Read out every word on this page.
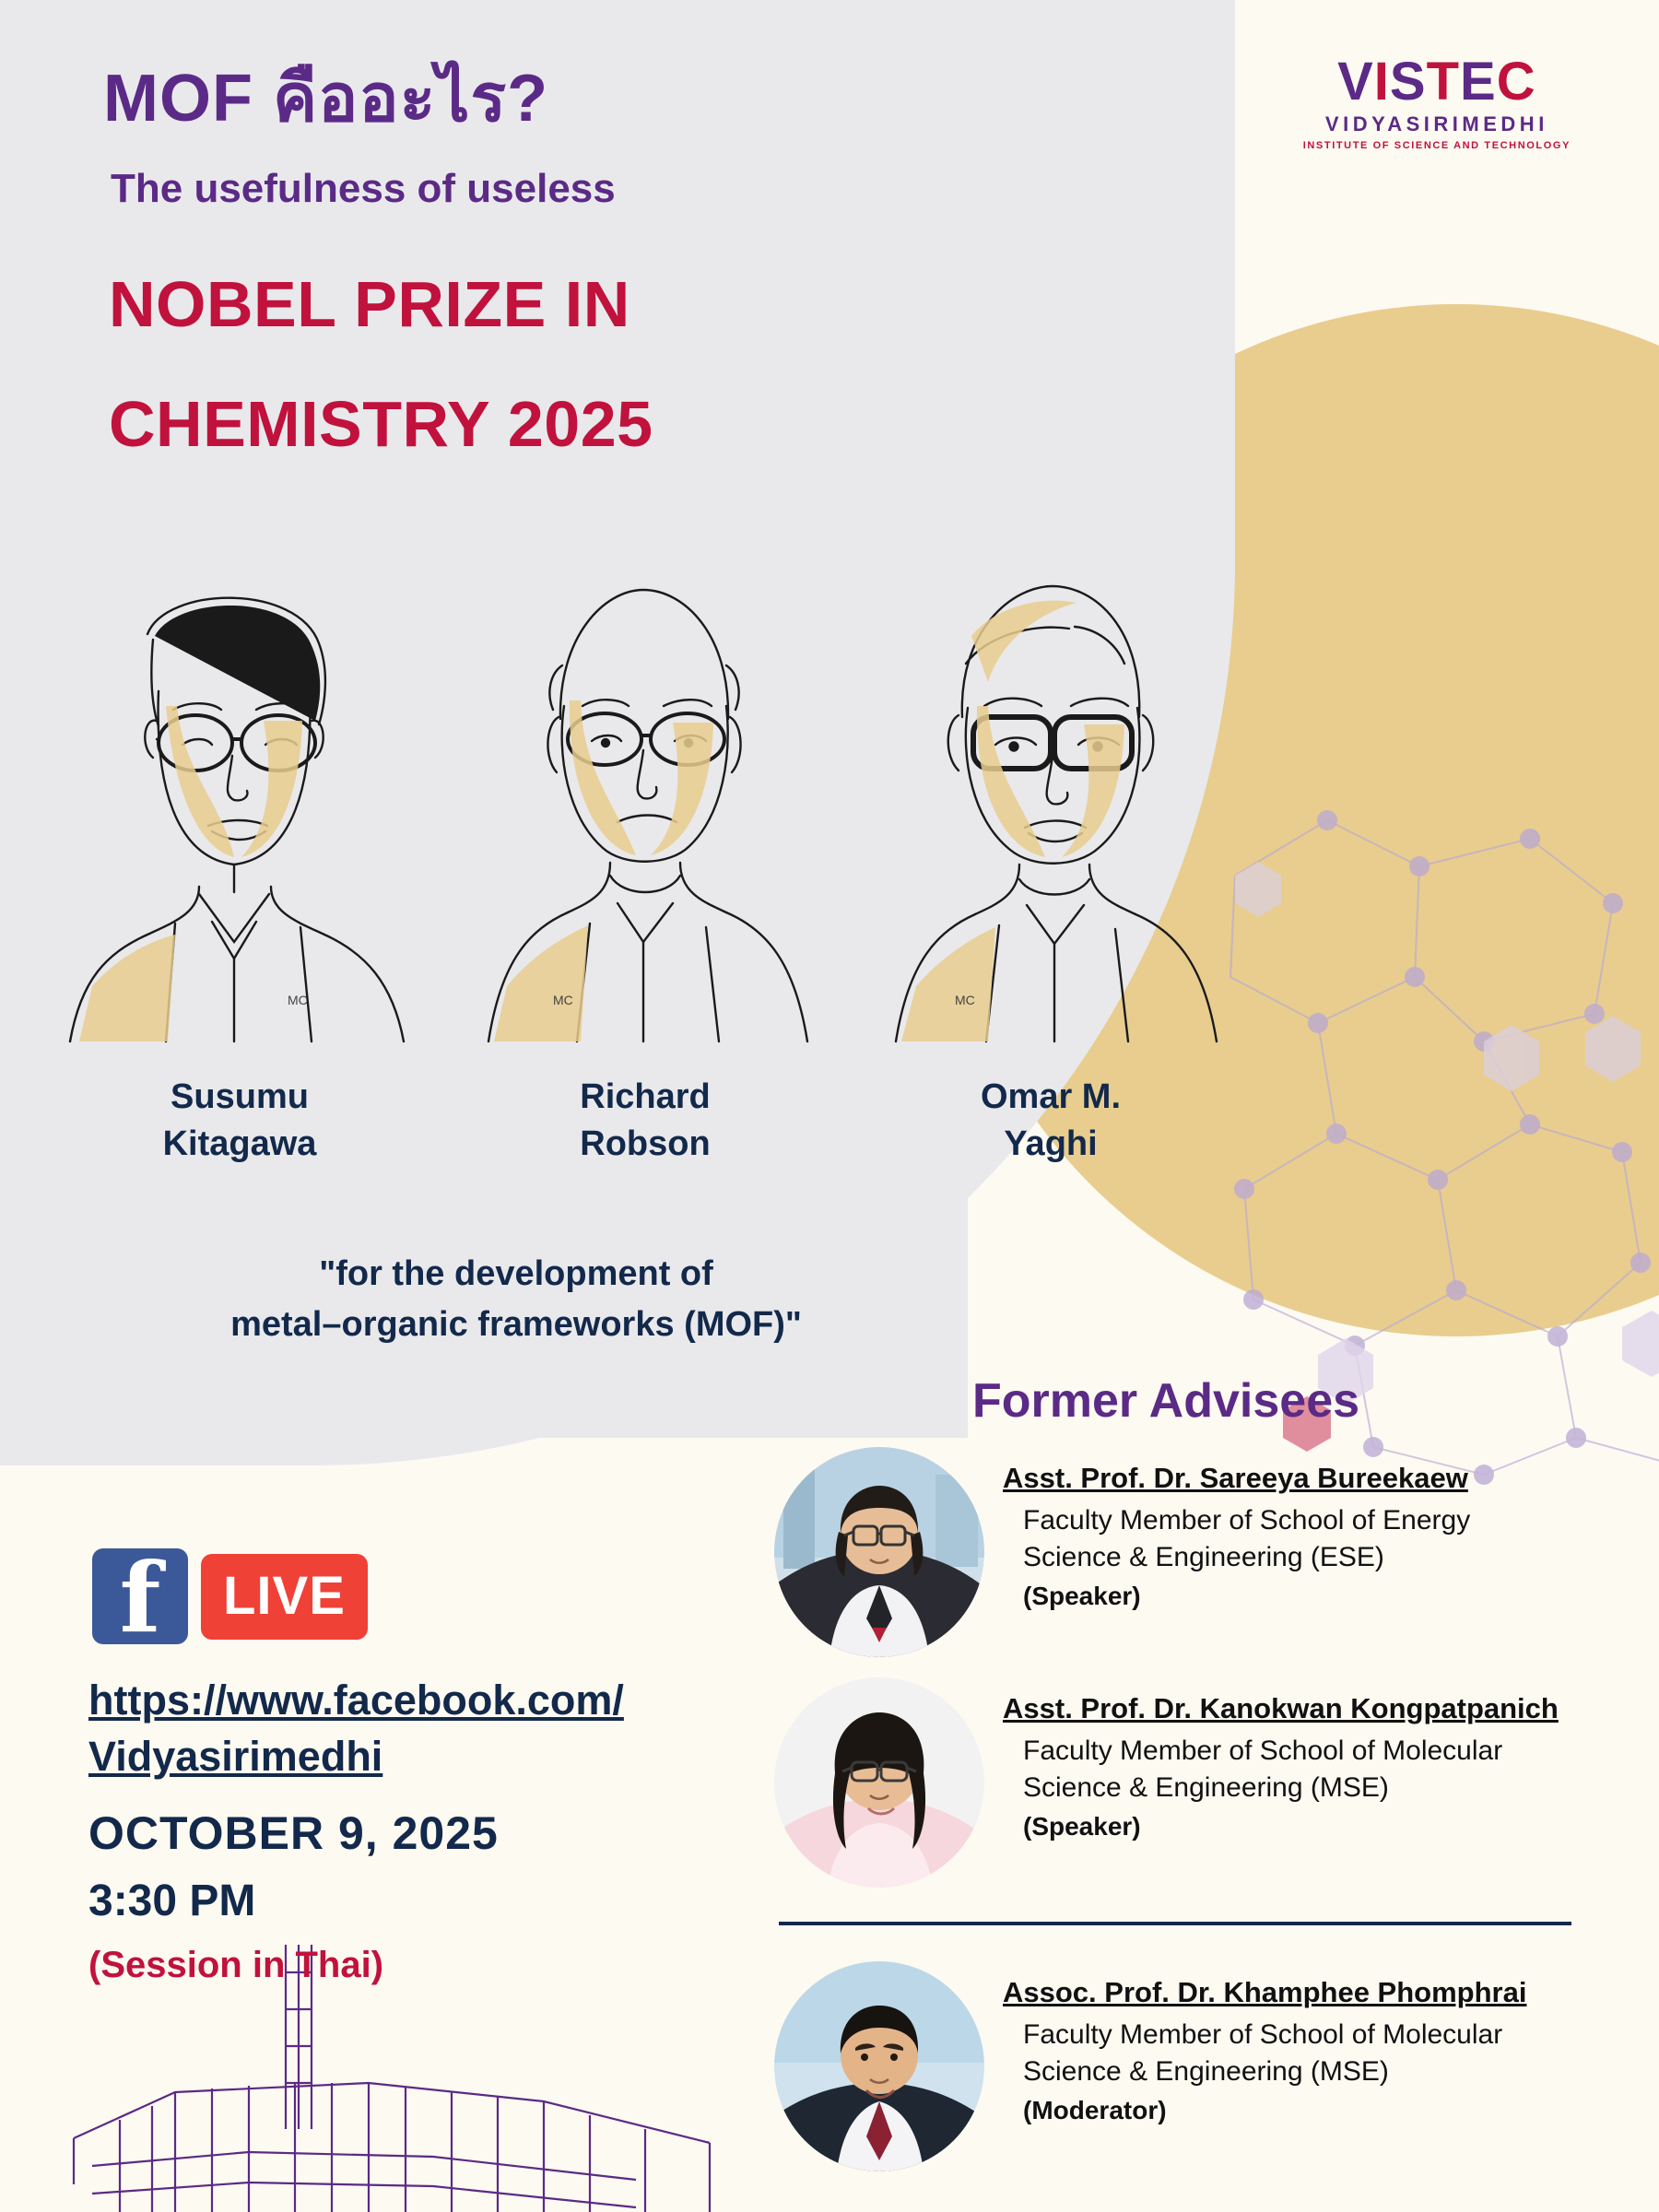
MOF คืออะไร?
The usefulness of useless
NOBEL PRIZE IN
CHEMISTRY 2025
VISTEC
VIDYASIRIMEDHI
INSTITUTE OF SCIENCE AND TECHNOLOGY
MC	MC	MC
Susumu
Kitagawa
Richard
Robson
Omar M.
Yaghi
"for the development of
metal–organic frameworks (MOF)"
f	LIVE
https://www.facebook.com/
Vidyasirimedhi
OCTOBER 9, 2025
3:30 PM
(Session in Thai)
Former Advisees
Asst. Prof. Dr. Sareeya Bureekaew
Faculty Member of School of Energy
Science & Engineering (ESE)
(Speaker)
Asst. Prof. Dr. Kanokwan Kongpatpanich
Faculty Member of School of Molecular
Science & Engineering (MSE)
(Speaker)
Assoc. Prof. Dr. Khamphee Phomphrai
Faculty Member of School of Molecular
Science & Engineering (MSE)
(Moderator)
